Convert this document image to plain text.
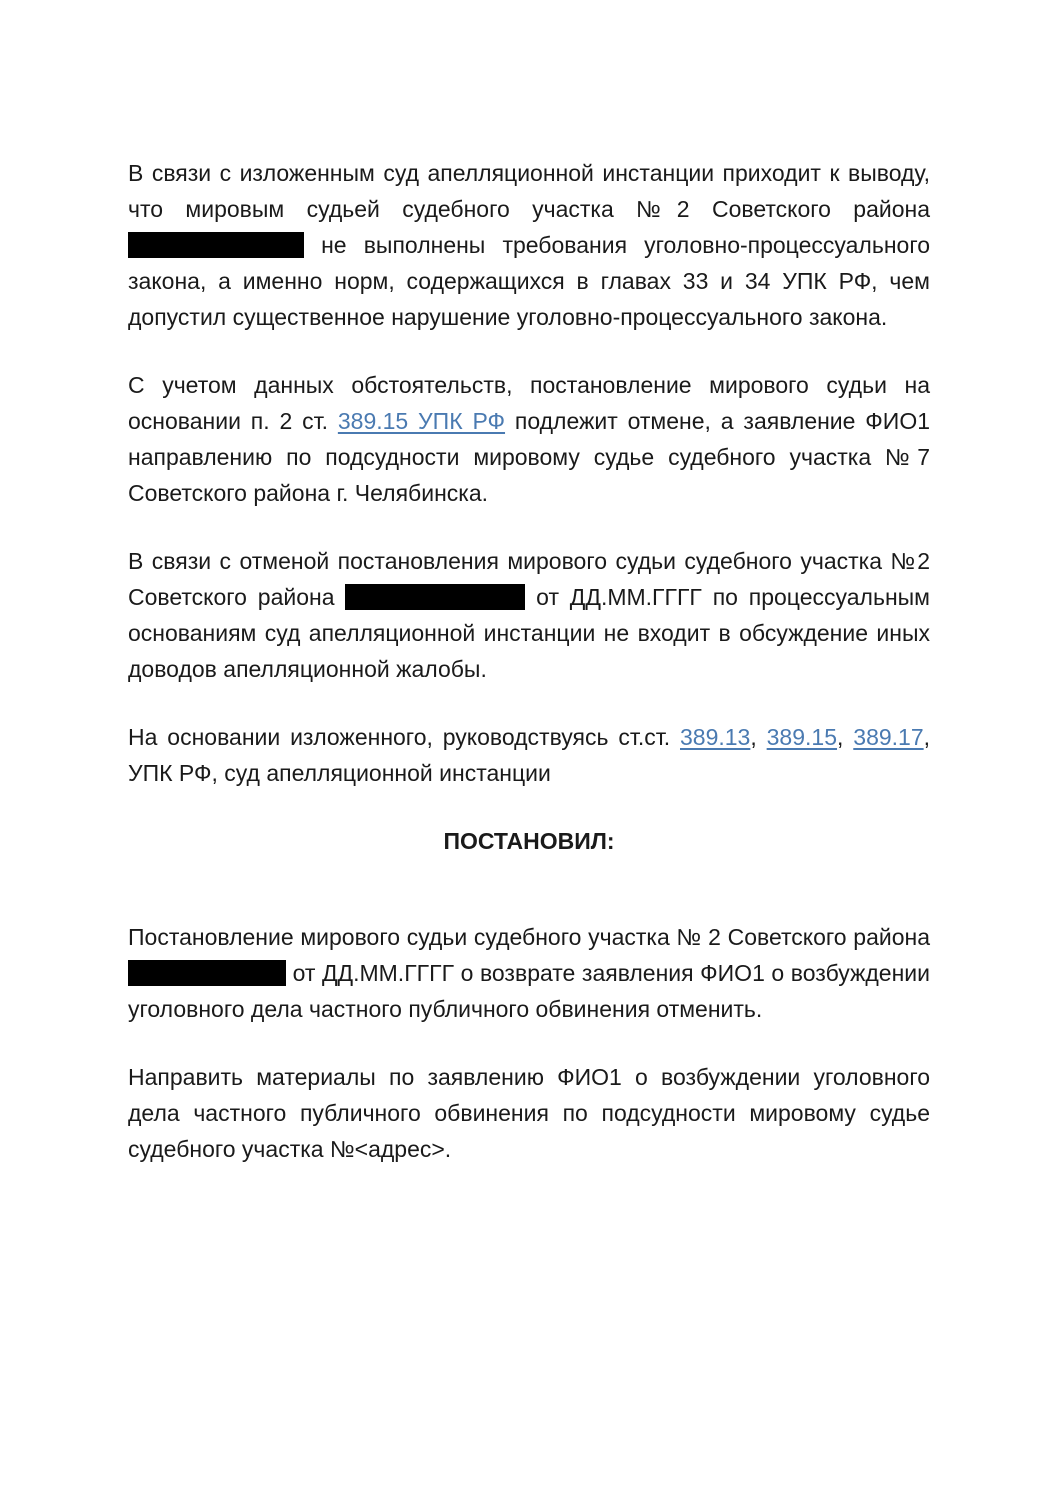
В связи с изложенным суд апелляционной инстанции приходит к выводу, что мировым судьей судебного участка №2 Советского района  не выполнены требования уголовно-процессуального закона, а именно норм, содержащихся в главах 33 и 34 УПК РФ, чем допустил существенное нарушение уголовно-процессуального закона.

С учетом данных обстоятельств, постановление мирового судьи на основании п. 2 ст. 389.15 УПК РФ подлежит отмене, а заявление ФИО1 направлению по подсудности мировому судье судебного участка №7 Советского района г. Челябинска.

В связи с отменой постановления мирового судьи судебного участка №2 Советского района	от ДД.ММ.ГГГГ по процессуальным основаниям суд апелляционной инстанции не входит в обсуждение иных доводов апелляционной жалобы.

На основании изложенного, руководствуясь ст.ст. 389.13, 389.15, 389.17, УПК РФ, суд апелляционной инстанции

ПОСТАНОВИЛ:

Постановление мирового судьи судебного участка № 2 Советского района  от ДД.ММ.ГГГГ о возврате заявления ФИО1 о возбуждении уголовного дела частного публичного обвинения отменить.

Направить материалы по заявлению ФИО1 о возбуждении уголовного дела частного публичного обвинения по подсудности мировому судье судебного участка №<адрес>.
